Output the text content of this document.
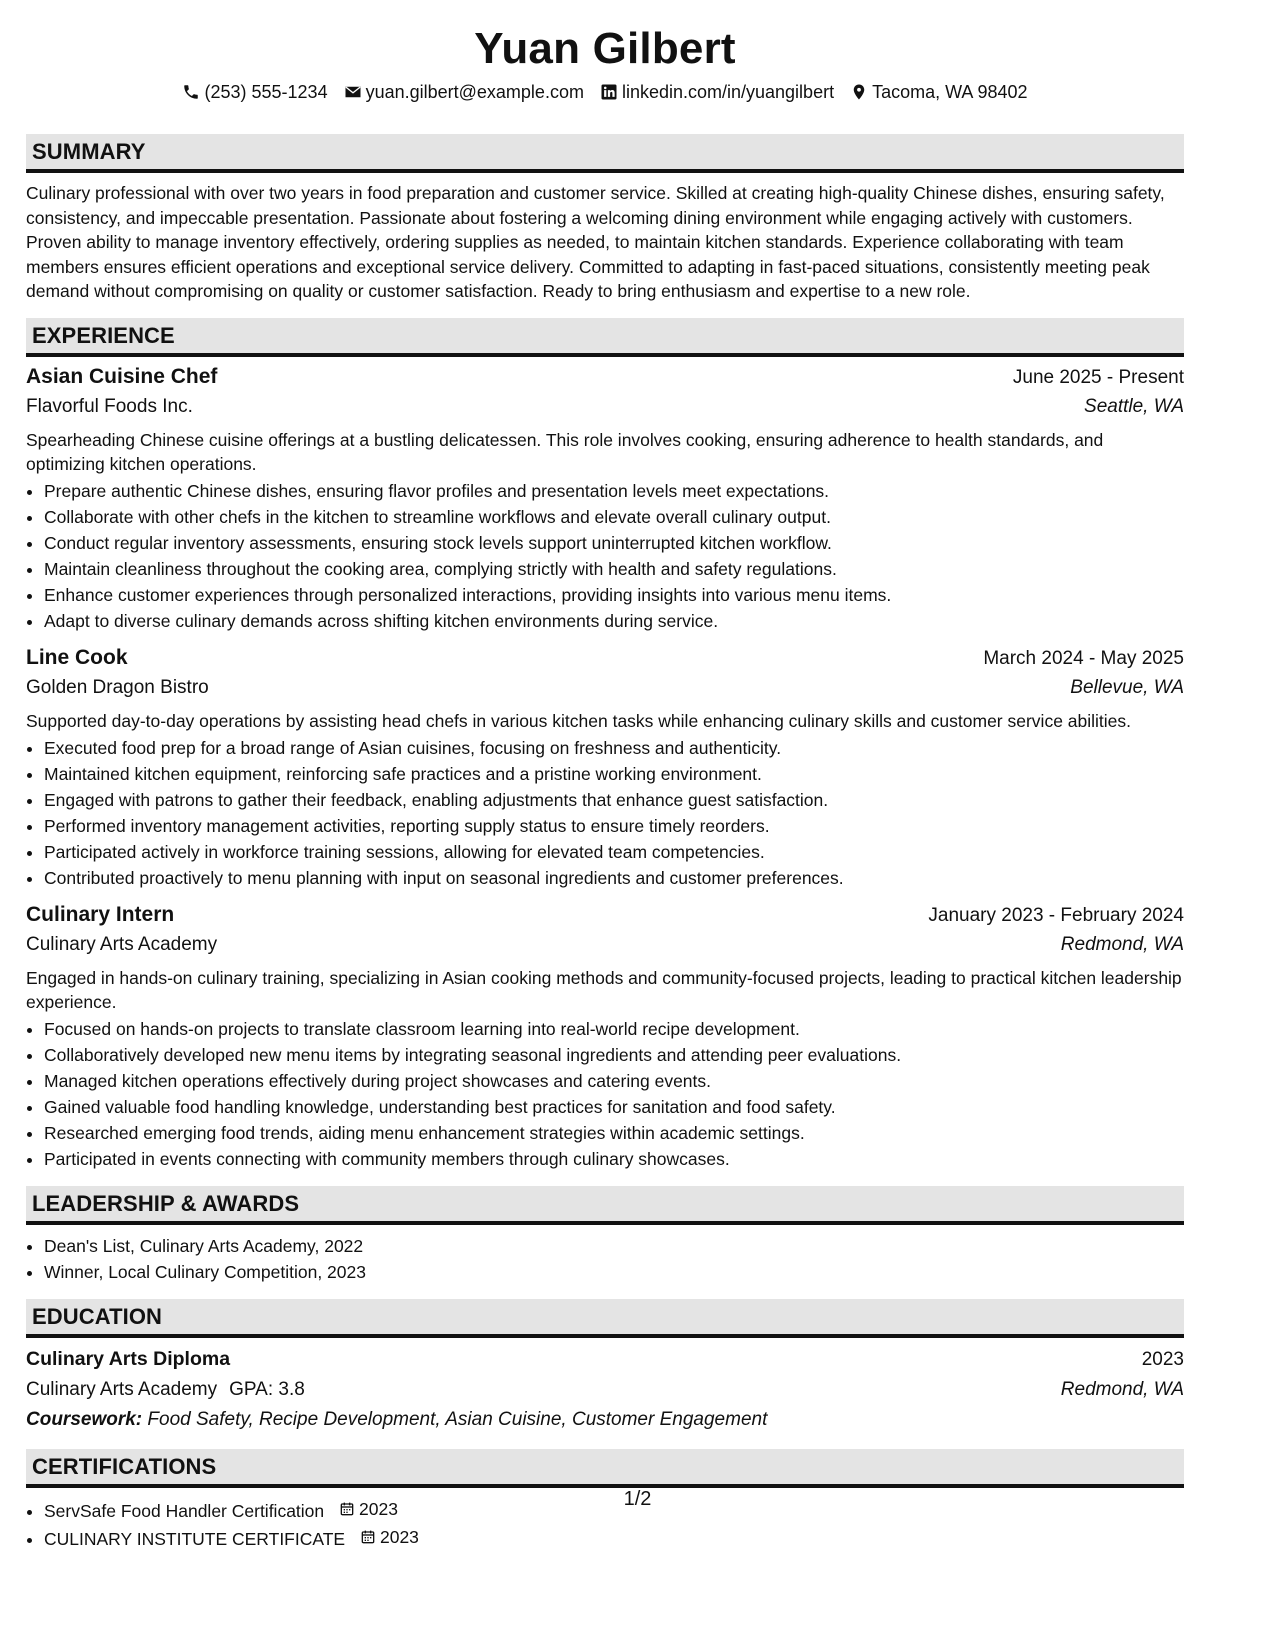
Yuan Gilbert
(253) 555-1234 yuan.gilbert@example.com linkedin.com/in/yuangilbert Tacoma, WA 98402
SUMMARY
Culinary professional with over two years in food preparation and customer service. Skilled at creating high-quality Chinese dishes, ensuring safety, consistency, and impeccable presentation. Passionate about fostering a welcoming dining environment while engaging actively with customers. Proven ability to manage inventory effectively, ordering supplies as needed, to maintain kitchen standards. Experience collaborating with team members ensures efficient operations and exceptional service delivery. Committed to adapting in fast-paced situations, consistently meeting peak demand without compromising on quality or customer satisfaction. Ready to bring enthusiasm and expertise to a new role.
EXPERIENCE
Asian Cuisine Chef	June 2025 - Present
Flavorful Foods Inc.	Seattle, WA
Spearheading Chinese cuisine offerings at a bustling delicatessen. This role involves cooking, ensuring adherence to health standards, and optimizing kitchen operations.
• Prepare authentic Chinese dishes, ensuring flavor profiles and presentation levels meet expectations.
• Collaborate with other chefs in the kitchen to streamline workflows and elevate overall culinary output.
• Conduct regular inventory assessments, ensuring stock levels support uninterrupted kitchen workflow.
• Maintain cleanliness throughout the cooking area, complying strictly with health and safety regulations.
• Enhance customer experiences through personalized interactions, providing insights into various menu items.
• Adapt to diverse culinary demands across shifting kitchen environments during service.
Line Cook	March 2024 - May 2025
Golden Dragon Bistro	Bellevue, WA
Supported day-to-day operations by assisting head chefs in various kitchen tasks while enhancing culinary skills and customer service abilities.
• Executed food prep for a broad range of Asian cuisines, focusing on freshness and authenticity.
• Maintained kitchen equipment, reinforcing safe practices and a pristine working environment.
• Engaged with patrons to gather their feedback, enabling adjustments that enhance guest satisfaction.
• Performed inventory management activities, reporting supply status to ensure timely reorders.
• Participated actively in workforce training sessions, allowing for elevated team competencies.
• Contributed proactively to menu planning with input on seasonal ingredients and customer preferences.
Culinary Intern	January 2023 - February 2024
Culinary Arts Academy	Redmond, WA
Engaged in hands-on culinary training, specializing in Asian cooking methods and community-focused projects, leading to practical kitchen leadership experience.
• Focused on hands-on projects to translate classroom learning into real-world recipe development.
• Collaboratively developed new menu items by integrating seasonal ingredients and attending peer evaluations.
• Managed kitchen operations effectively during project showcases and catering events.
• Gained valuable food handling knowledge, understanding best practices for sanitation and food safety.
• Researched emerging food trends, aiding menu enhancement strategies within academic settings.
• Participated in events connecting with community members through culinary showcases.
LEADERSHIP & AWARDS
• Dean's List, Culinary Arts Academy, 2022
• Winner, Local Culinary Competition, 2023
EDUCATION
Culinary Arts Diploma	2023
Culinary Arts Academy GPA: 3.8	Redmond, WA
Coursework: Food Safety, Recipe Development, Asian Cuisine, Customer Engagement
CERTIFICATIONS
• ServSafe Food Handler Certification 2023
• CULINARY INSTITUTE CERTIFICATE 2023
1/2
